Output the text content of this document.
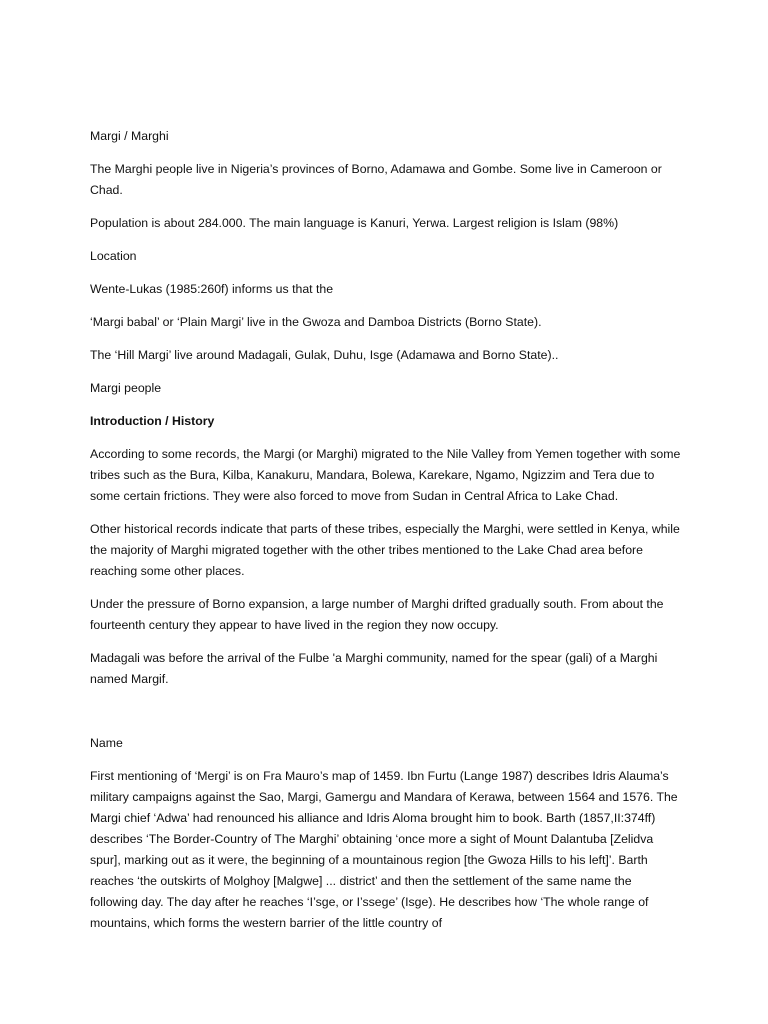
Margi / Marghi

The Marghi people live in Nigeria’s provinces of Borno, Adamawa and Gombe. Some live in Cameroon or Chad.

Population is about 284.000. The main language is Kanuri, Yerwa. Largest religion is Islam (98%)

Location

Wente-Lukas (1985:260f) informs us that the

‘Margi babal’ or ‘Plain Margi’ live in the Gwoza and Damboa Districts (Borno State).

The ‘Hill Margi’ live around Madagali, Gulak, Duhu, Isge (Adamawa and Borno State)..

Margi people

Introduction / History

According to some records, the Margi (or Marghi) migrated to the Nile Valley from Yemen together with some tribes such as the Bura, Kilba, Kanakuru, Mandara, Bolewa, Karekare, Ngamo, Ngizzim and Tera due to some certain frictions. They were also forced to move from Sudan in Central Africa to Lake Chad.

Other historical records indicate that parts of these tribes, especially the Marghi, were settled in Kenya, while the majority of Marghi migrated together with the other tribes mentioned to the Lake Chad area before reaching some other places.

Under the pressure of Borno expansion, a large number of Marghi drifted gradually south. From about the fourteenth century they appear to have lived in the region they now occupy.

Madagali was before the arrival of the Fulbe 'a Marghi community, named for the spear (gali) of a Marghi named Margif.

Name

First mentioning of ‘Mergi’ is on Fra Mauro’s map of 1459. Ibn Furtu (Lange 1987) describes Idris Alauma’s military campaigns against the Sao, Margi, Gamergu and Mandara of Kerawa, between 1564 and 1576. The Margi chief ‘Adwa’ had renounced his alliance and Idris Aloma brought him to book. Barth (1857,II:374ff) describes ‘The Border-Country of The Marghi’ obtaining ‘once more a sight of Mount Dalantuba [Zelidva spur], marking out as it were, the beginning of a mountainous region [the Gwoza Hills to his left]’. Barth reaches ‘the outskirts of Molghoy [Malgwe] ... district’ and then the settlement of the same name the following day. The day after he reaches ‘I’sge, or I’ssege’ (Isge). He describes how ‘The whole range of mountains, which forms the western barrier of the little country of
